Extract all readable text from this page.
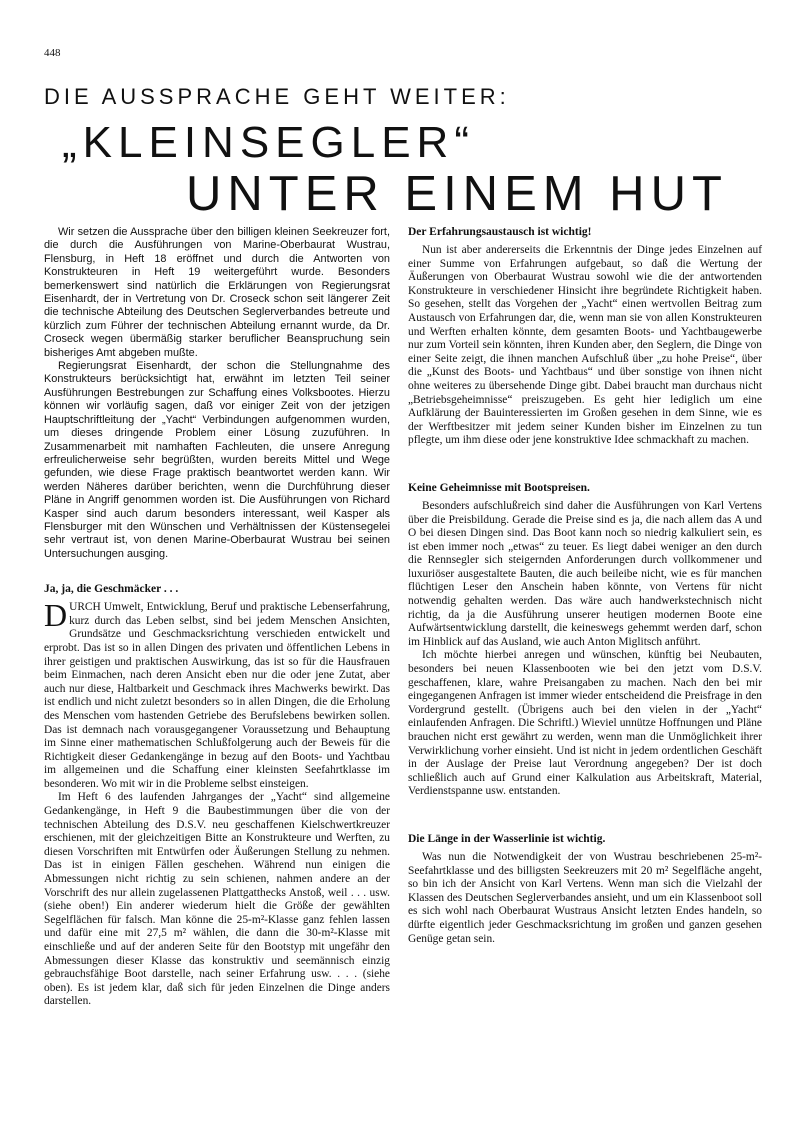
448
DIE AUSSPRACHE GEHT WEITER:
„KLEINSEGLER“
UNTER EINEM HUT

Wir setzen die Aussprache über den billigen kleinen Seekreuzer fort, die durch die Ausführungen von Marine-Oberbaurat Wustrau, Flensburg, in Heft 18 eröffnet und durch die Antworten von Konstrukteuren in Heft 19 weitergeführt wurde. Besonders bemerkenswert sind natürlich die Erklärungen von Regierungsrat Eisenhardt, der in Vertretung von Dr. Croseck schon seit längerer Zeit die technische Abteilung des Deutschen Seglerverbandes betreute und kürzlich zum Führer der technischen Abteilung ernannt wurde, da Dr. Croseck wegen übermäßig starker beruflicher Beanspruchung sein bisheriges Amt abgeben mußte.

Regierungsrat Eisenhardt, der schon die Stellungnahme des Konstrukteurs berücksichtigt hat, erwähnt im letzten Teil seiner Ausführungen Bestrebungen zur Schaffung eines Volksbootes. Hierzu können wir vorläufig sagen, daß vor einiger Zeit von der jetzigen Hauptschriftleitung der „Yacht“ Verbindungen aufgenommen wurden, um dieses dringende Problem einer Lösung zuzuführen. In Zusammenarbeit mit namhaften Fachleuten, die unsere Anregung erfreulicherweise sehr begrüßten, wurden bereits Mittel und Wege gefunden, wie diese Frage praktisch beantwortet werden kann. Wir werden Näheres darüber berichten, wenn die Durchführung dieser Pläne in Angriff genommen worden ist. Die Ausführungen von Richard Kasper sind auch darum besonders interessant, weil Kasper als Flensburger mit den Wünschen und Verhältnissen der Küstensegelei sehr vertraut ist, von denen Marine-Oberbaurat Wustrau bei seinen Untersuchungen ausging.

Ja, ja, die Geschmäcker . . .

DURCH Umwelt, Entwicklung, Beruf und praktische Lebenserfahrung, kurz durch das Leben selbst, sind bei jedem Menschen Ansichten, Grundsätze und Geschmacksrichtung verschieden entwickelt und erprobt. Das ist so in allen Dingen des privaten und öffentlichen Lebens in ihrer geistigen und praktischen Auswirkung, das ist so für die Hausfrauen beim Einmachen, nach deren Ansicht eben nur die oder jene Zutat, aber auch nur diese, Haltbarkeit und Geschmack ihres Machwerks bewirkt. Das ist endlich und nicht zuletzt besonders so in allen Dingen, die die Erholung des Menschen vom hastenden Getriebe des Berufslebens bewirken sollen. Das ist demnach nach vorausgegangener Voraussetzung und Behauptung im Sinne einer mathematischen Schlußfolgerung auch der Beweis für die Richtigkeit dieser Gedankengänge in bezug auf den Boots- und Yachtbau im allgemeinen und die Schaffung einer kleinsten Seefahrtklasse im besonderen. Wo mit wir in die Probleme selbst einsteigen.

Im Heft 6 des laufenden Jahrganges der „Yacht“ sind allgemeine Gedankengänge, in Heft 9 die Baubestimmungen über die von der technischen Abteilung des D.S.V. neu geschaffenen Kielschwertkreuzer erschienen, mit der gleichzeitigen Bitte an Konstrukteure und Werften, zu diesen Vorschriften mit Entwürfen oder Äußerungen Stellung zu nehmen. Das ist in einigen Fällen geschehen. Während nun einigen die Abmessungen nicht richtig zu sein schienen, nahmen andere an der Vorschrift des nur allein zugelassenen Plattgatthecks Anstoß, weil . . . usw. (siehe oben!) Ein anderer wiederum hielt die Größe der gewählten Segelflächen für falsch. Man könne die 25-m²-Klasse ganz fehlen lassen und dafür eine mit 27,5 m² wählen, die dann die 30-m²-Klasse mit einschließe und auf der anderen Seite für den Bootstyp mit ungefähr den Abmessungen dieser Klasse das konstruktiv und seemännisch einzig gebrauchsfähige Boot darstelle, nach seiner Erfahrung usw. . . . (siehe oben). Es ist jedem klar, daß sich für jeden Einzelnen die Dinge anders darstellen.

Der Erfahrungsaustausch ist wichtig!

Nun ist aber andererseits die Erkenntnis der Dinge jedes Einzelnen auf einer Summe von Erfahrungen aufgebaut, so daß die Wertung der Äußerungen von Oberbaurat Wustrau sowohl wie die der antwortenden Konstrukteure in verschiedener Hinsicht ihre begründete Richtigkeit haben. So gesehen, stellt das Vorgehen der „Yacht“ einen wertvollen Beitrag zum Austausch von Erfahrungen dar, die, wenn man sie von allen Konstrukteuren und Werften erhalten könnte, dem gesamten Boots- und Yachtbaugewerbe nur zum Vorteil sein könnten, ihren Kunden aber, den Seglern, die Dinge von einer Seite zeigt, die ihnen manchen Aufschluß über „zu hohe Preise“, über die „Kunst des Boots- und Yachtbaus“ und über sonstige von ihnen nicht ohne weiteres zu übersehende Dinge gibt. Dabei braucht man durchaus nicht „Betriebsgeheimnisse“ preiszugeben. Es geht hier lediglich um eine Aufklärung der Bauinteressierten im Großen gesehen in dem Sinne, wie es der Werftbesitzer mit jedem seiner Kunden bisher im Einzelnen zu tun pflegte, um ihm diese oder jene konstruktive Idee schmackhaft zu machen.

Keine Geheimnisse mit Bootspreisen.

Besonders aufschlußreich sind daher die Ausführungen von Karl Vertens über die Preisbildung. Gerade die Preise sind es ja, die nach allem das A und O bei diesen Dingen sind. Das Boot kann noch so niedrig kalkuliert sein, es ist eben immer noch „etwas“ zu teuer. Es liegt dabei weniger an den durch die Rennsegler sich steigernden Anforderungen durch vollkommener und luxuriöser ausgestaltete Bauten, die auch beileibe nicht, wie es für manchen flüchtigen Leser den Anschein haben könnte, von Vertens für nicht notwendig gehalten werden. Das wäre auch handwerkstechnisch nicht richtig, da ja die Ausführung unserer heutigen modernen Boote eine Aufwärtsentwicklung darstellt, die keineswegs gehemmt werden darf, schon im Hinblick auf das Ausland, wie auch Anton Miglitsch anführt.

Ich möchte hierbei anregen und wünschen, künftig bei Neubauten, besonders bei neuen Klassenbooten wie bei den jetzt vom D.S.V. geschaffenen, klare, wahre Preisangaben zu machen. Nach den bei mir eingegangenen Anfragen ist immer wieder entscheidend die Preisfrage in den Vordergrund gestellt. (Übrigens auch bei den vielen in der „Yacht“ einlaufenden Anfragen. Die Schriftl.) Wieviel unnütze Hoffnungen und Pläne brauchen nicht erst gewährt zu werden, wenn man die Unmöglichkeit ihrer Verwirklichung vorher einsieht. Und ist nicht in jedem ordentlichen Geschäft in der Auslage der Preise laut Verordnung angegeben? Der ist doch schließlich auch auf Grund einer Kalkulation aus Arbeitskraft, Material, Verdienstspanne usw. entstanden.

Die Länge in der Wasserlinie ist wichtig.

Was nun die Notwendigkeit der von Wustrau beschriebenen 25-m²-Seefahrtklasse und des billigsten Seekreuzers mit 20 m² Segelfläche angeht, so bin ich der Ansicht von Karl Vertens. Wenn man sich die Vielzahl der Klassen des Deutschen Seglerverbandes ansieht, und um ein Klassenboot soll es sich wohl nach Oberbaurat Wustraus Ansicht letzten Endes handeln, so dürfte eigentlich jeder Geschmacksrichtung im großen und ganzen gesehen Genüge getan sein.
